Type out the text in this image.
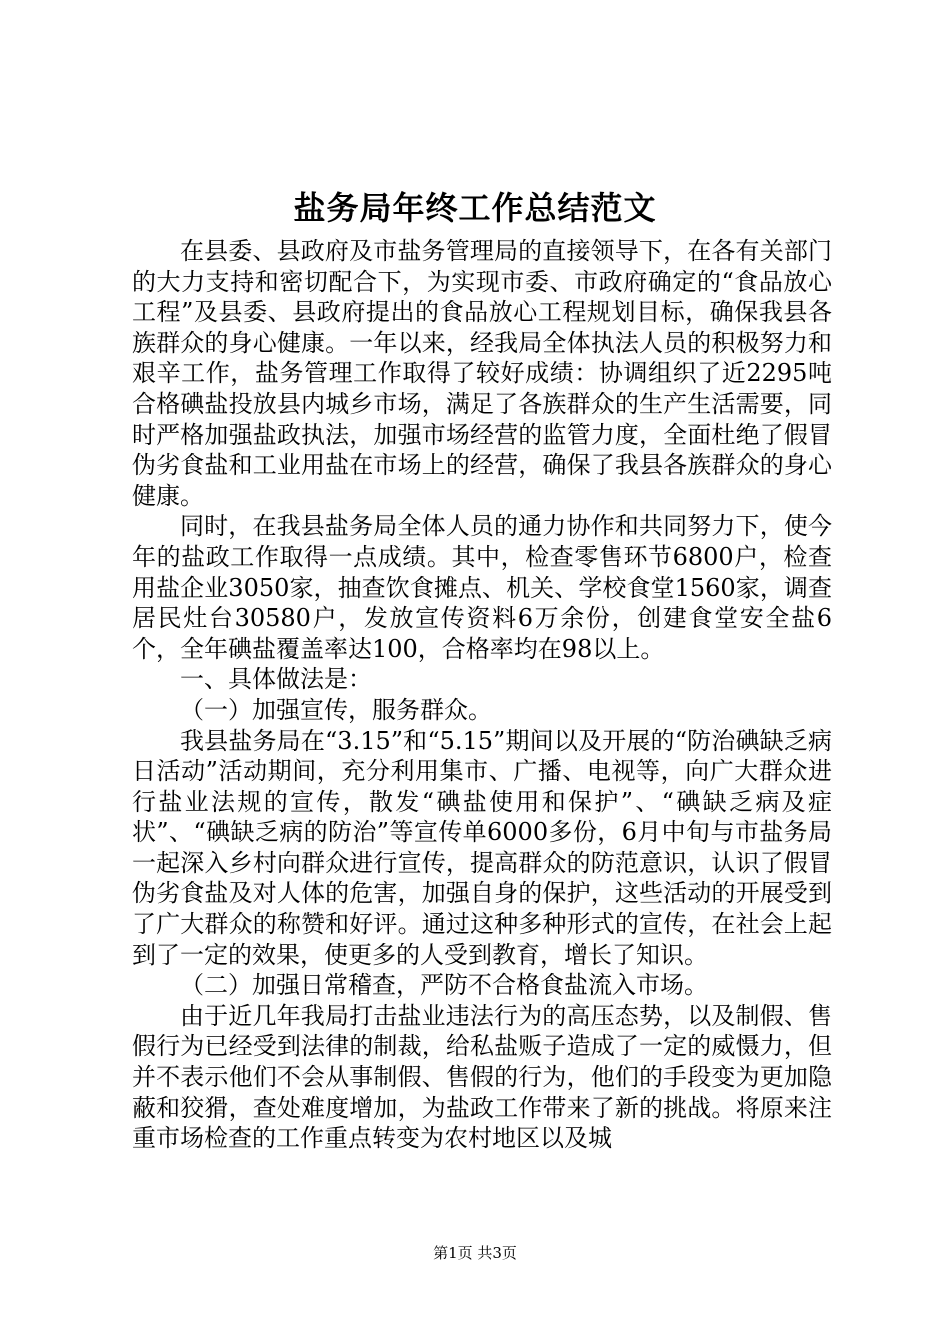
盐务局年终工作总结范文

在县委、县政府及市盐务管理局的直接领导下，在各有关部门的大力支持和密切配合下，为实现市委、市政府确定的“食品放心工程”及县委、县政府提出的食品放心工程规划目标，确保我县各族群众的身心健康。一年以来，经我局全体执法人员的积极努力和艰辛工作，盐务管理工作取得了较好成绩：协调组织了近2295吨合格碘盐投放县内城乡市场，满足了各族群众的生产生活需要，同时严格加强盐政执法，加强市场经营的监管力度，全面杜绝了假冒伪劣食盐和工业用盐在市场上的经营，确保了我县各族群众的身心健康。

同时，在我县盐务局全体人员的通力协作和共同努力下，使今年的盐政工作取得一点成绩。其中，检查零售环节6800户，检查用盐企业3050家，抽查饮食摊点、机关、学校食堂1560家，调查居民灶台30580户，发放宣传资料6万余份，创建食堂安全盐6个，全年碘盐覆盖率达100，合格率均在98以上。

一、具体做法是：

（一）加强宣传，服务群众。

我县盐务局在“3.15”和“5.15”期间以及开展的“防治碘缺乏病日活动”活动期间，充分利用集市、广播、电视等，向广大群众进行盐业法规的宣传，散发“碘盐使用和保护”、“碘缺乏病及症状”、“碘缺乏病的防治”等宣传单6000多份，6月中旬与市盐务局一起深入乡村向群众进行宣传，提高群众的防范意识，认识了假冒伪劣食盐及对人体的危害，加强自身的保护，这些活动的开展受到了广大群众的称赞和好评。通过这种多种形式的宣传，在社会上起到了一定的效果，使更多的人受到教育，增长了知识。

（二）加强日常稽查，严防不合格食盐流入市场。

由于近几年我局打击盐业违法行为的高压态势，以及制假、售假行为已经受到法律的制裁，给私盐贩子造成了一定的威慑力，但并不表示他们不会从事制假、售假的行为，他们的手段变为更加隐蔽和狡猾，查处难度增加，为盐政工作带来了新的挑战。将原来注重市场检查的工作重点转变为农村地区以及城

第1页 共3页
